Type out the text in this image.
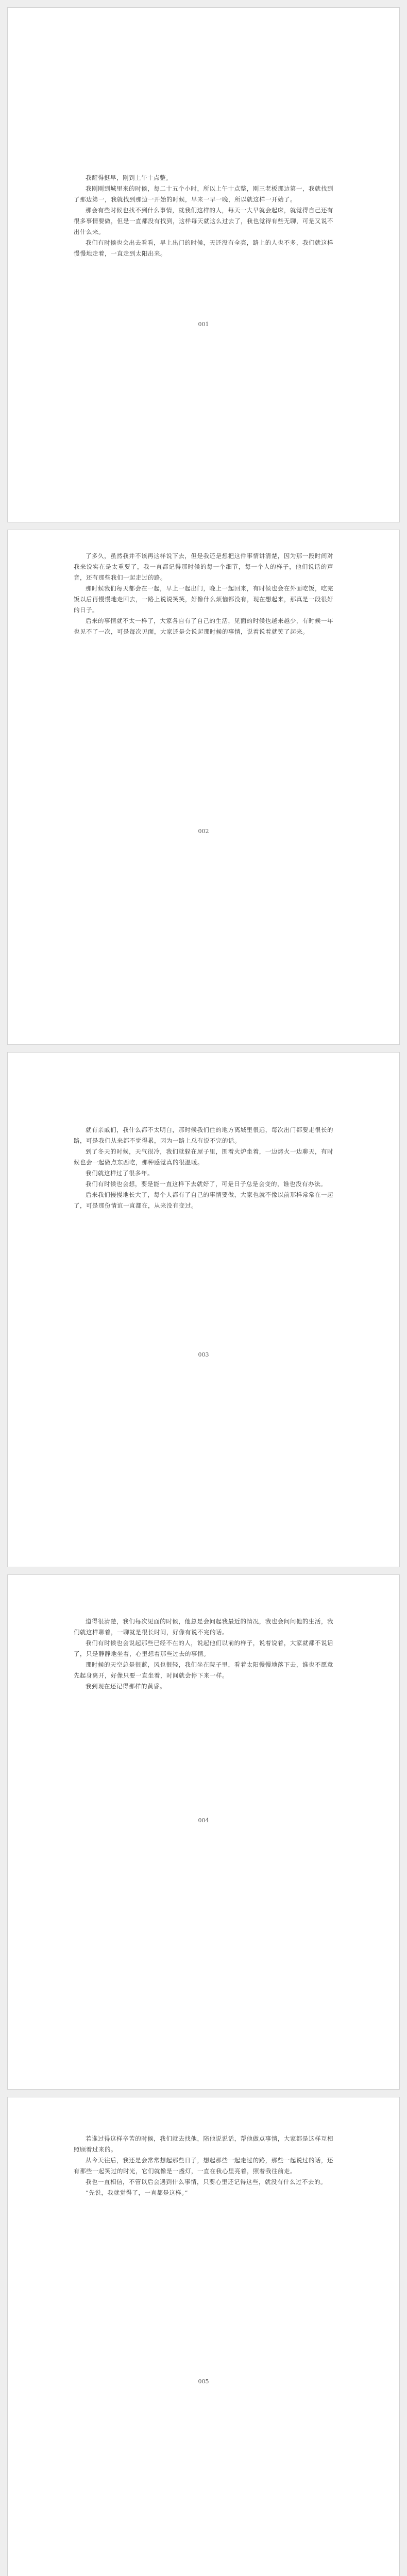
我醒得挺早，刚到上午十点整。

我刚刚到城里来的时候，每二十五个小时，所以上午十点整，刚三老板那边第一，我就找到了那边第一，我就找到那边一开始的时候，早来一早一晚，所以就这样一开始了。

那会有些时候也找不到什么事情，就我们这样的人，每天一大早就会起床，就觉得自己还有很多事情要做，但是一直都没有找到，这样每天就这么过去了，我也觉得有些无聊，可是又说不出什么来。

我们有时候也会出去看看，早上出门的时候，天还没有全亮，路上的人也不多，我们就这样慢慢地走着，一直走到太阳出来。

001

了多久，虽然我并不该再这样说下去，但是我还是想把这件事情讲清楚，因为那一段时间对我来说实在是太重要了，我一直都记得那时候的每一个细节，每一个人的样子，他们说话的声音，还有那些我们一起走过的路。

那时候我们每天都会在一起，早上一起出门，晚上一起回来，有时候也会在外面吃饭，吃完饭以后再慢慢地走回去，一路上说说笑笑，好像什么烦恼都没有，现在想起来，那真是一段很好的日子。

后来的事情就不太一样了，大家各自有了自己的生活，见面的时候也越来越少，有时候一年也见不了一次，可是每次见面，大家还是会说起那时候的事情，说着说着就笑了起来。

002

就有亲戚们，我什么都不太明白，那时候我们住的地方离城里很远，每次出门都要走很长的路，可是我们从来都不觉得累，因为一路上总有说不完的话。

到了冬天的时候，天气很冷，我们就躲在屋子里，围着火炉坐着，一边烤火一边聊天，有时候也会一起做点东西吃，那种感觉真的很温暖。

我们就这样过了很多年。

我们有时候也会想，要是能一直这样下去就好了，可是日子总是会变的，谁也没有办法。

后来我们慢慢地长大了，每个人都有了自己的事情要做，大家也就不像以前那样常常在一起了，可是那份情谊一直都在，从来没有变过。

003

道得很清楚，我们每次见面的时候，他总是会问起我最近的情况，我也会问问他的生活，我们就这样聊着，一聊就是很长时间，好像有说不完的话。

我们有时候也会说起那些已经不在的人，说起他们以前的样子，说着说着，大家就都不说话了，只是静静地坐着，心里想着那些过去的事情。

那时候的天空总是很蓝，风也很轻，我们坐在院子里，看着太阳慢慢地落下去，谁也不愿意先起身离开，好像只要一直坐着，时间就会停下来一样。

我到现在还记得那样的黄昏。

004

若谁过得这样辛苦的时候，我们就去找他，陪他说说话，帮他做点事情，大家都是这样互相照顾着过来的。

从今天往后，我还是会常常想起那些日子，想起那些一起走过的路，那些一起说过的话，还有那些一起笑过的时光，它们就像是一盏灯，一直在我心里亮着，照着我往前走。

我也一直相信，不管以后会遇到什么事情，只要心里还记得这些，就没有什么过不去的。

“先说，我就觉得了，一直都是这样。”

005
